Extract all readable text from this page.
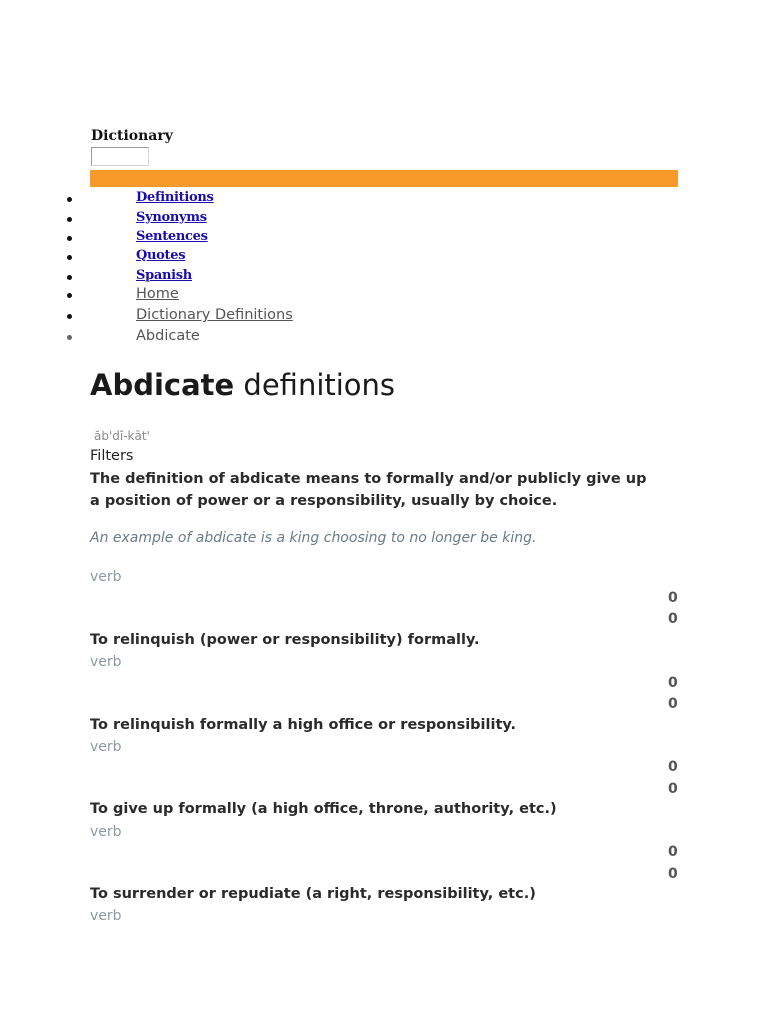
Dictionary
Definitions
Synonyms
Sentences
Quotes
Spanish
Home
Dictionary Definitions
Abdicate
Abdicate definitions
ăb'dĭ-kāt'
Filters
The definition of abdicate means to formally and/or publicly give up a position of power or a responsibility, usually by choice.
An example of abdicate is a king choosing to no longer be king.
verb
0
0
To relinquish (power or responsibility) formally.
verb
0
0
To relinquish formally a high office or responsibility.
verb
0
0
To give up formally (a high office, throne, authority, etc.)
verb
0
0
To surrender or repudiate (a right, responsibility, etc.)
verb
